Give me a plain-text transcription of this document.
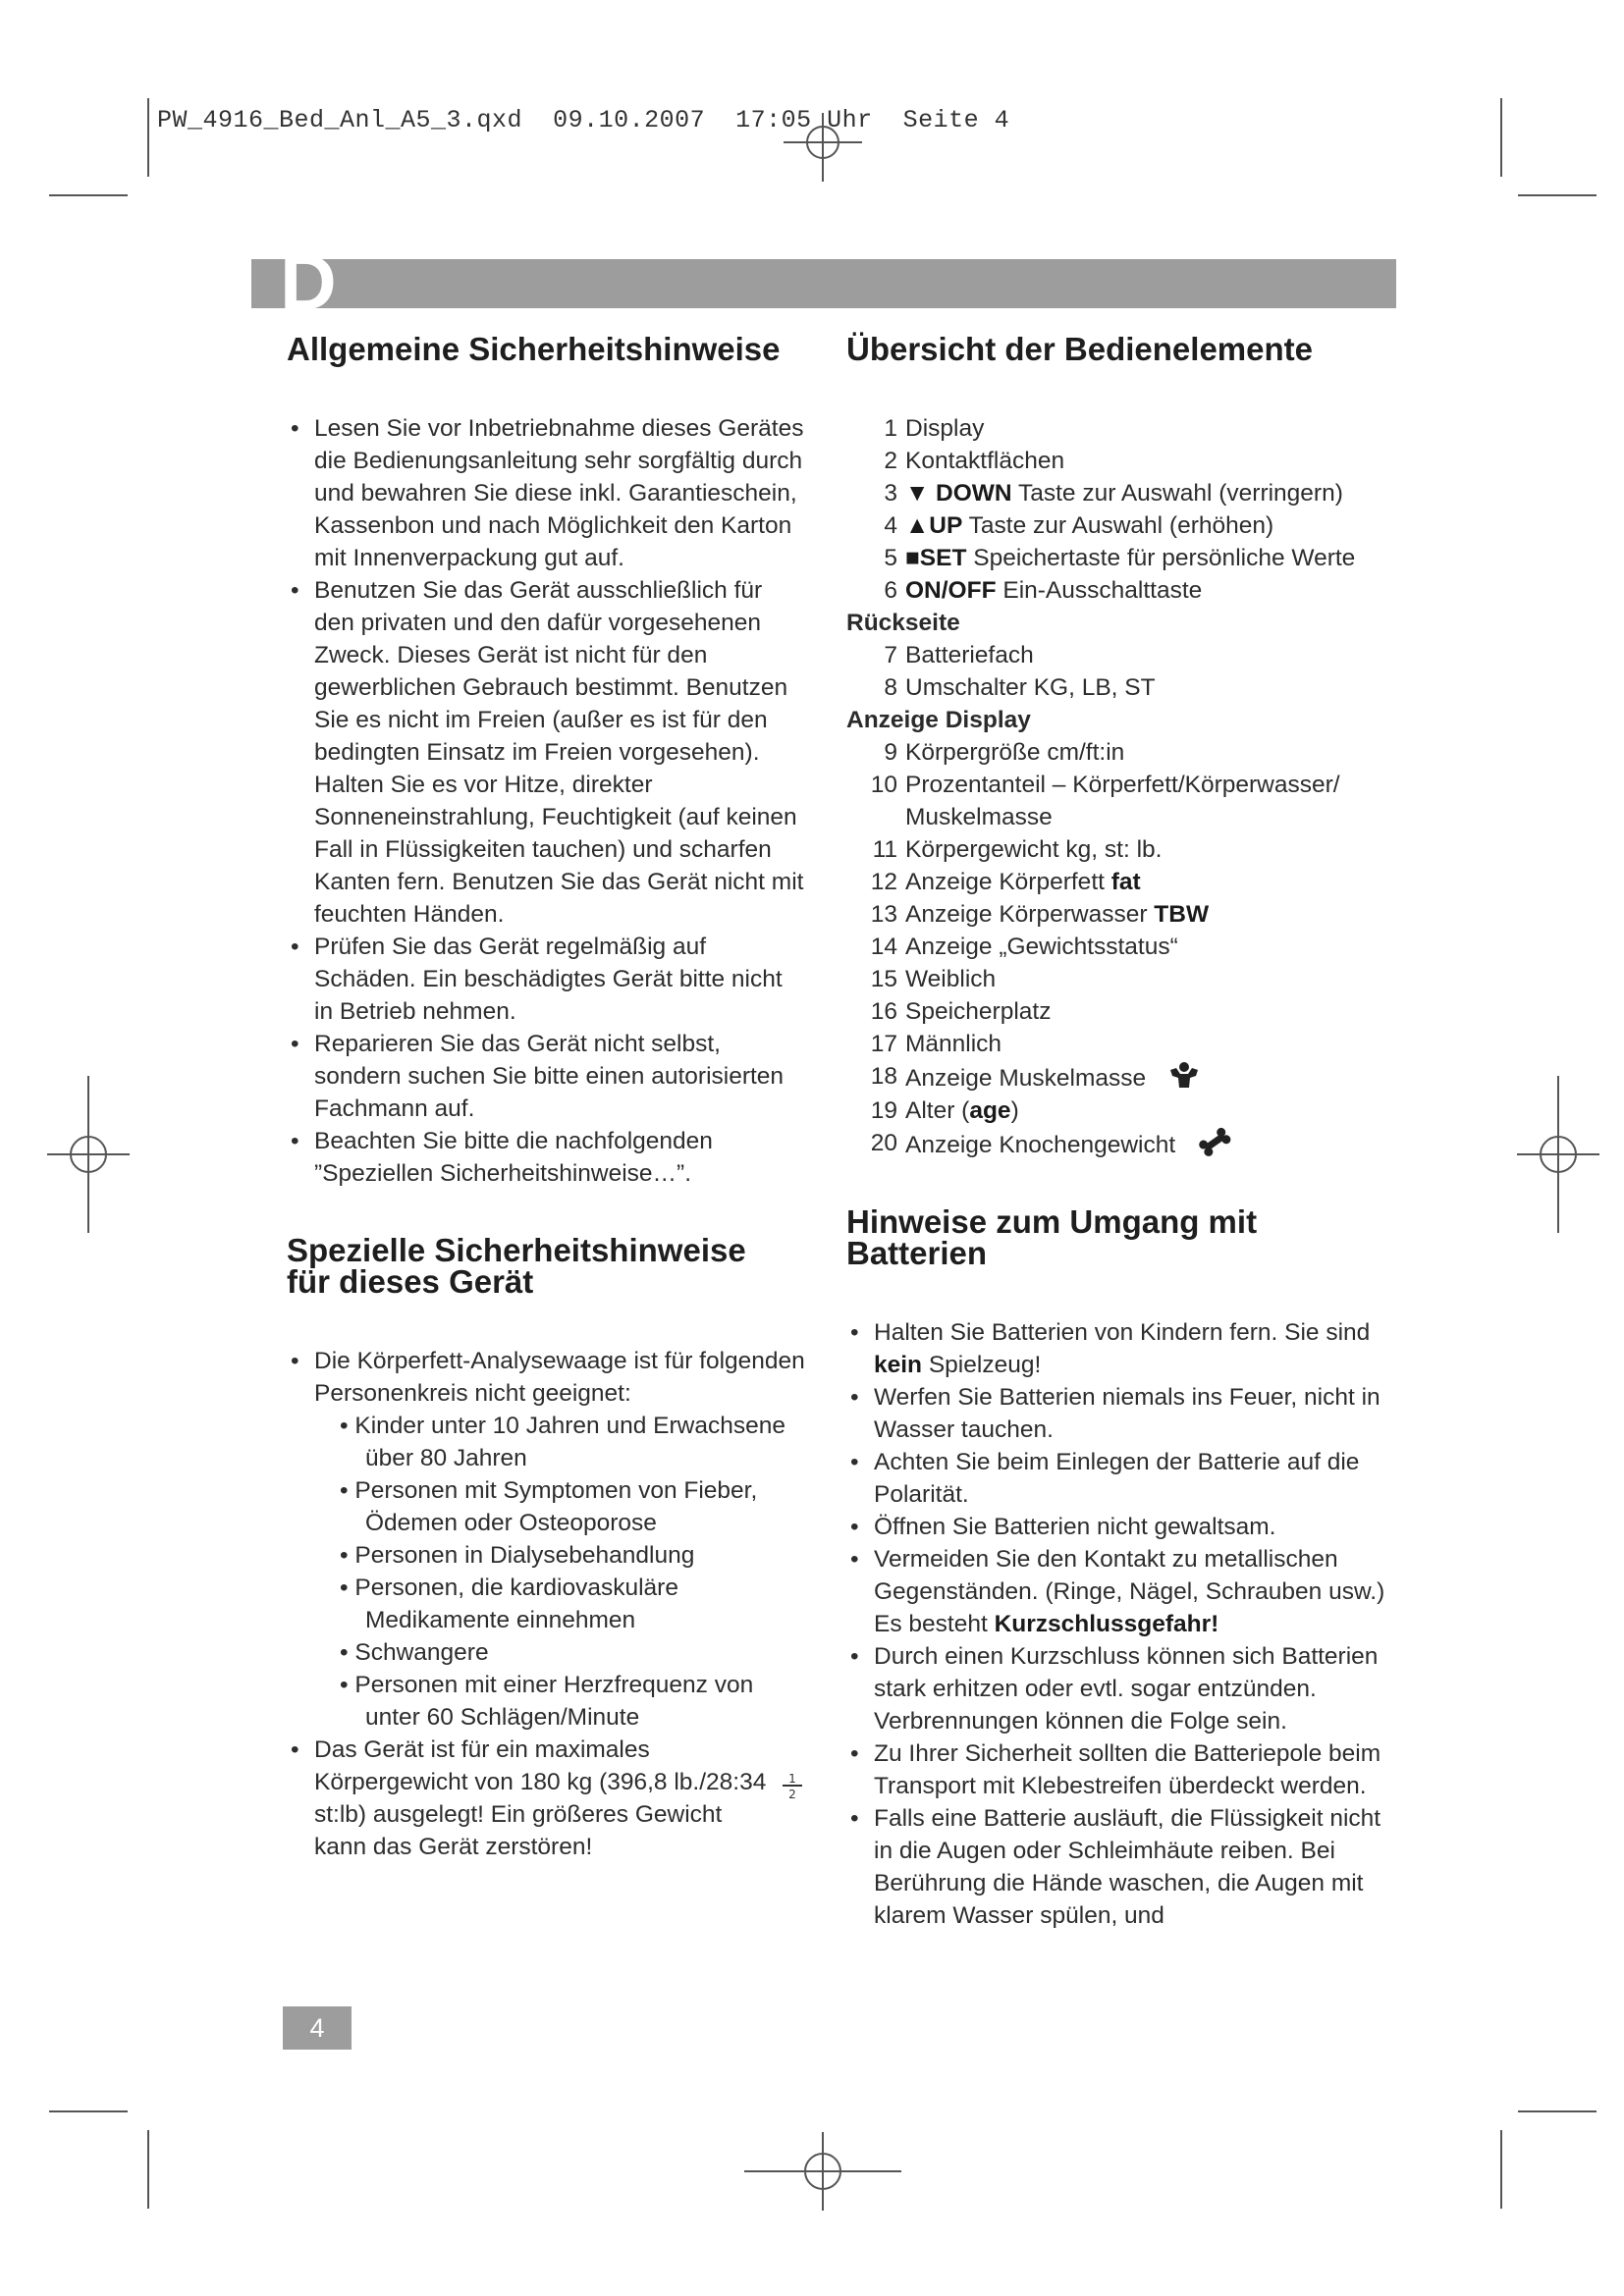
PW_4916_Bed_Anl_A5_3.qxd  09.10.2007  17:05 Uhr  Seite 4
D
Allgemeine Sicherheitshinweise
• Lesen Sie vor Inbetriebnahme dieses Gerätes die Bedienungsanleitung sehr sorgfältig durch und bewahren Sie diese inkl. Garantieschein, Kassenbon und nach Möglichkeit den Karton mit Innenverpackung gut auf.
• Benutzen Sie das Gerät ausschließlich für den privaten und den dafür vorgesehenen Zweck. Dieses Gerät ist nicht für den gewerblichen Gebrauch bestimmt. Benutzen Sie es nicht im Freien (außer es ist für den bedingten Einsatz im Freien vorgesehen). Halten Sie es vor Hitze, direkter Sonneneinstrahlung, Feuchtigkeit (auf keinen Fall in Flüssigkeiten tauchen) und scharfen Kanten fern. Benutzen Sie das Gerät nicht mit feuchten Händen.
• Prüfen Sie das Gerät regelmäßig auf Schäden. Ein beschädigtes Gerät bitte nicht in Betrieb nehmen.
• Reparieren Sie das Gerät nicht selbst, sondern suchen Sie bitte einen autorisierten Fachmann auf.
• Beachten Sie bitte die nachfolgenden ”Speziellen Sicherheitshinweise…”.
Spezielle Sicherheitshinweise
für dieses Gerät
• Die Körperfett-Analysewaage ist für folgenden Personenkreis nicht geeignet:
• Kinder unter 10 Jahren und Erwachsene über 80 Jahren
• Personen mit Symptomen von Fieber, Ödemen oder Osteoporose
• Personen in Dialysebehandlung
• Personen, die kardiovaskuläre Medikamente einnehmen
• Schwangere
• Personen mit einer Herzfrequenz von unter 60 Schlägen/Minute
• Das Gerät ist für ein maximales Körpergewicht von 180 kg (396,8 lb./28:34 st:lb) ausgelegt! Ein größeres Gewicht kann das Gerät zerstören!
1
2
Übersicht der Bedienelemente
1 Display
2 Kontaktflächen
3 ▼ DOWN Taste zur Auswahl (verringern)
4 ▲UP Taste zur Auswahl (erhöhen)
5 ■SET Speichertaste für persönliche Werte
6 ON/OFF Ein-Ausschalttaste
Rückseite
7 Batteriefach
8 Umschalter KG, LB, ST
Anzeige Display
9 Körpergröße cm/ft:in
10 Prozentanteil – Körperfett/Körperwasser/ Muskelmasse
11 Körpergewicht kg, st: lb.
12 Anzeige Körperfett fat
13 Anzeige Körperwasser TBW
14 Anzeige „Gewichtsstatus“
15 Weiblich
16 Speicherplatz
17 Männlich
18 Anzeige Muskelmasse
19 Alter (age)
20 Anzeige Knochengewicht
Hinweise zum Umgang mit
Batterien
• Halten Sie Batterien von Kindern fern. Sie sind kein Spielzeug!
• Werfen Sie Batterien niemals ins Feuer, nicht in Wasser tauchen.
• Achten Sie beim Einlegen der Batterie auf die Polarität.
• Öffnen Sie Batterien nicht gewaltsam.
• Vermeiden Sie den Kontakt zu metallischen Gegenständen. (Ringe, Nägel, Schrauben usw.) Es besteht Kurzschlussgefahr!
• Durch einen Kurzschluss können sich Batterien stark erhitzen oder evtl. sogar entzünden. Verbrennungen können die Folge sein.
• Zu Ihrer Sicherheit sollten die Batteriepole beim Transport mit Klebestreifen überdeckt werden.
• Falls eine Batterie ausläuft, die Flüssigkeit nicht in die Augen oder Schleimhäute reiben. Bei Berührung die Hände waschen, die Augen mit klarem Wasser spülen, und
4
